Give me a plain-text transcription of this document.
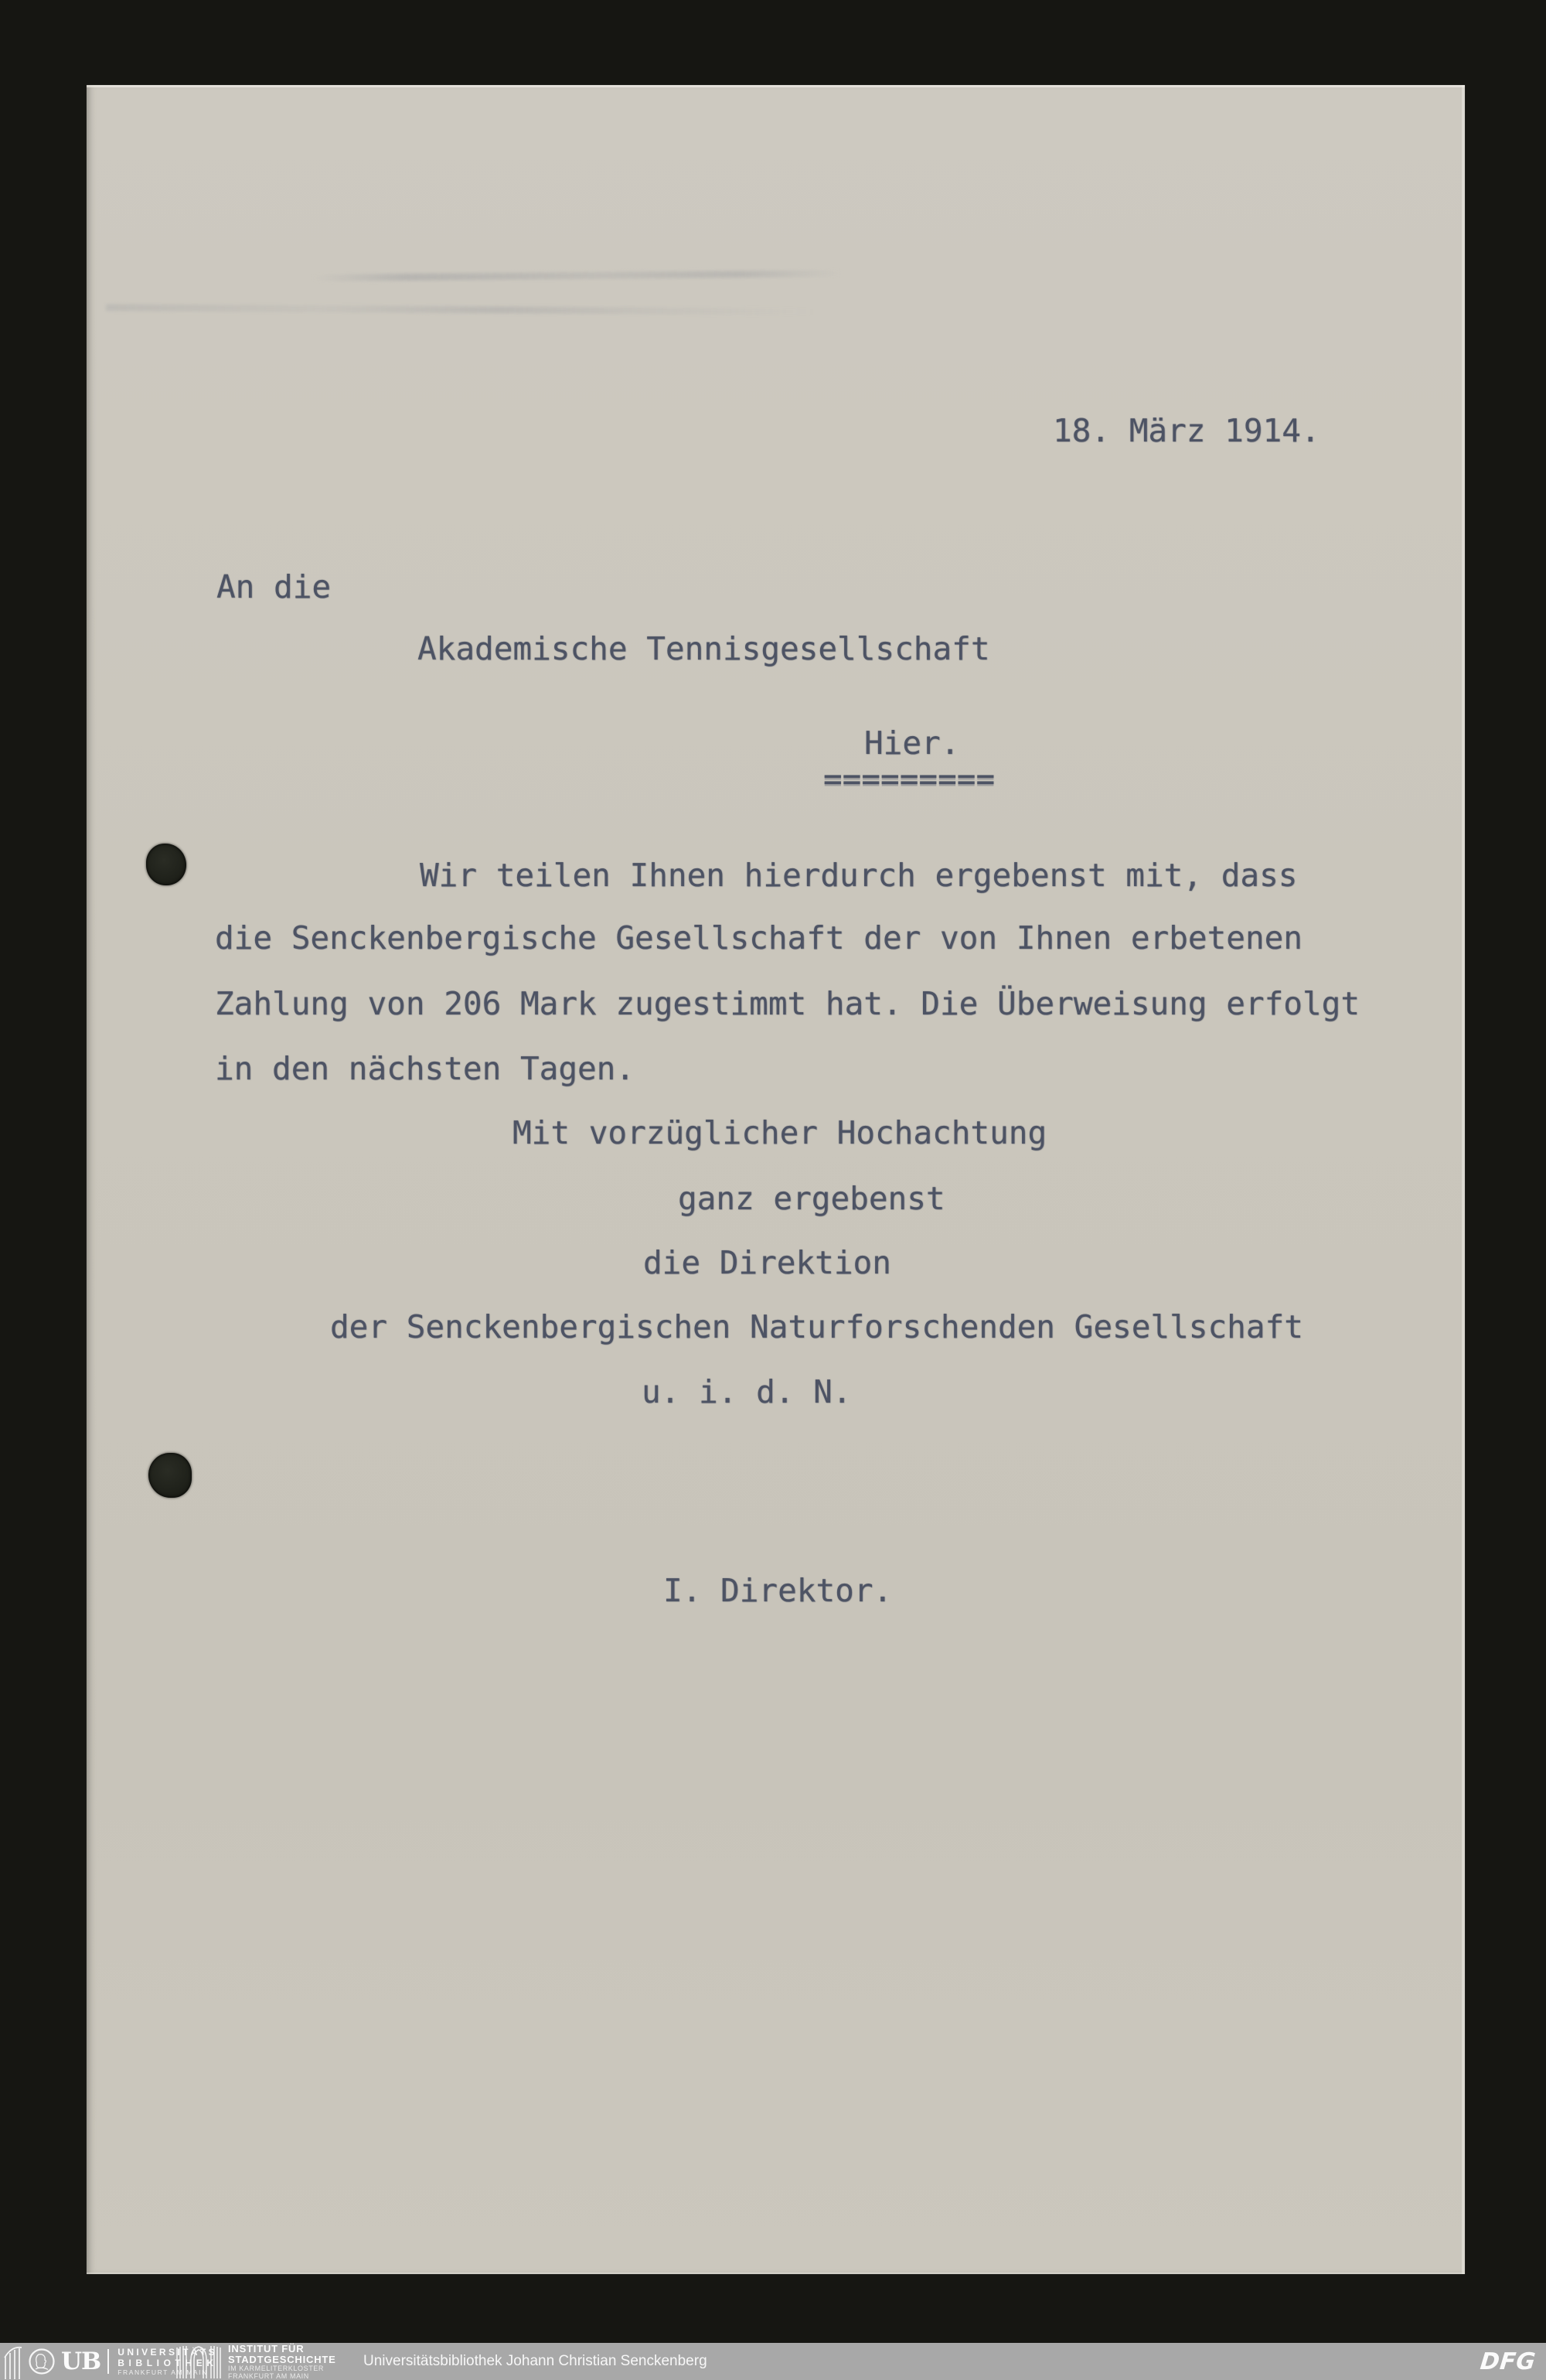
18. März 1914.
An die
Akademische Tennisgesellschaft
Hier.
=========
Wir teilen Ihnen hierdurch ergebenst mit, dass
die Senckenbergische Gesellschaft der von Ihnen erbetenen
Zahlung von 206 Mark zugestimmt hat. Die Überweisung erfolgt
in den nächsten Tagen.
Mit vorzüglicher Hochachtung
ganz ergebenst
die Direktion
der Senckenbergischen Naturforschenden Gesellschaft
u. i. d. N.
I. Direktor.
UB UNIVERSITÄTS
BIBLIOTHEK
FRANKFURT AM MAIN
INSTITUT FÜR
STADTGESCHICHTE
IM KARMELITERKLOSTER
FRANKFURT AM MAIN
Universitätsbibliothek Johann Christian Senckenberg	DFG
